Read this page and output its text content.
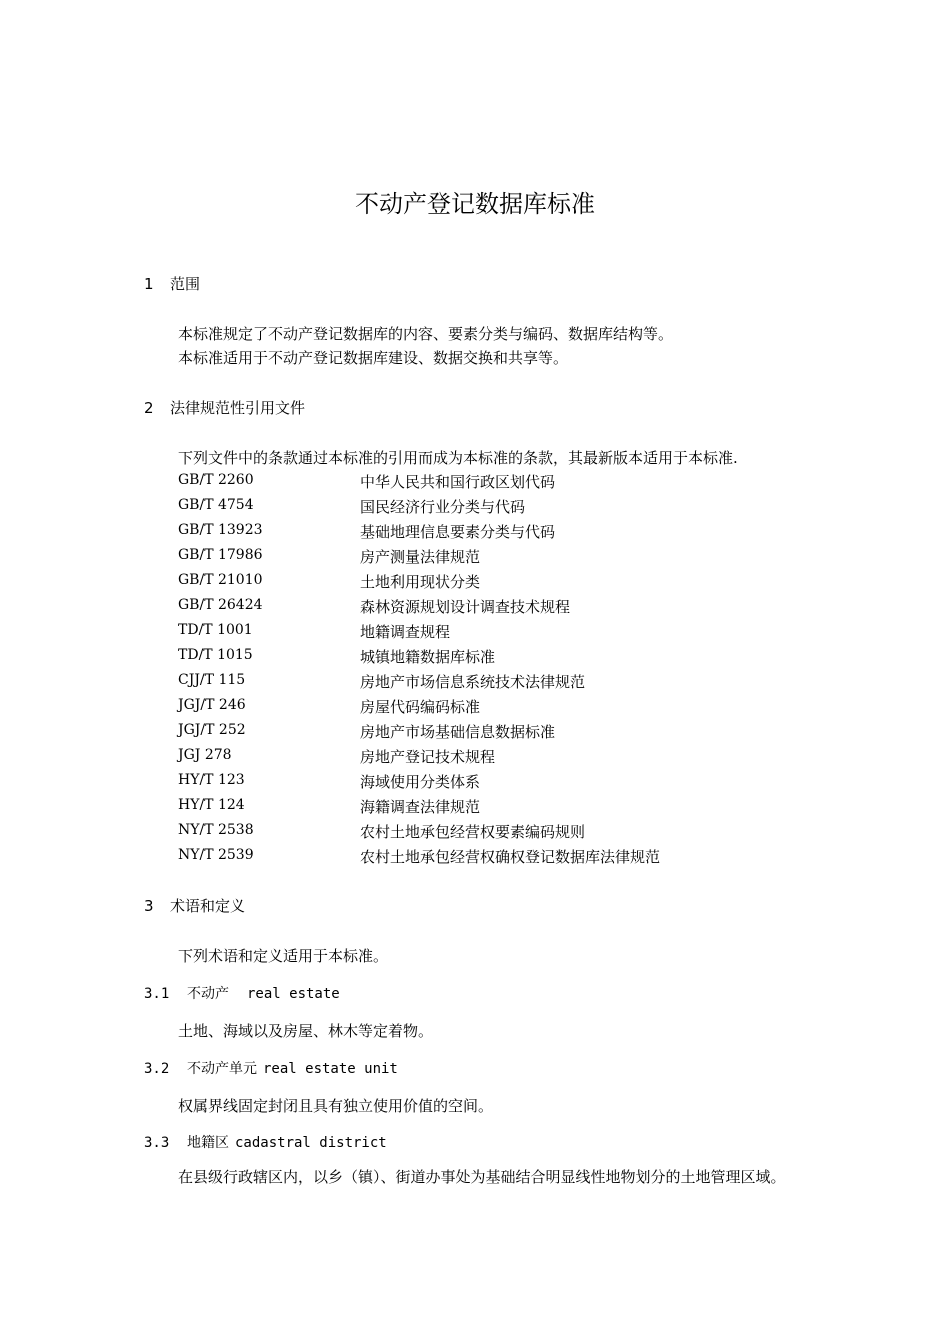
不动产登记数据库标准
1 范围
本标准规定了不动产登记数据库的内容、要素分类与编码、数据库结构等。
本标准适用于不动产登记数据库建设、数据交换和共享等。
2 法律规范性引用文件
下列文件中的条款通过本标准的引用而成为本标准的条款，其最新版本适用于本标准.
GB/T 2260	中华人民共和国行政区划代码
GB/T 4754	国民经济行业分类与代码
GB/T 13923	基础地理信息要素分类与代码
GB/T 17986	房产测量法律规范
GB/T 21010	土地利用现状分类
GB/T 26424	森林资源规划设计调查技术规程
TD/T 1001	地籍调查规程
TD/T 1015	城镇地籍数据库标准
CJJ/T 115	房地产市场信息系统技术法律规范
JGJ/T 246	房屋代码编码标准
JGJ/T 252	房地产市场基础信息数据标准
JGJ 278	房地产登记技术规程
HY/T 123	海域使用分类体系
HY/T 124	海籍调查法律规范
NY/T 2538	农村土地承包经营权要素编码规则
NY/T 2539	农村土地承包经营权确权登记数据库法律规范
3 术语和定义
下列术语和定义适用于本标准。
3.1 不动产 real estate
土地、海域以及房屋、林木等定着物。
3.2 不动产单元 real estate unit
权属界线固定封闭且具有独立使用价值的空间。
3.3 地籍区 cadastral district
在县级行政辖区内，以乡（镇）、街道办事处为基础结合明显线性地物划分的土地管理区域。
